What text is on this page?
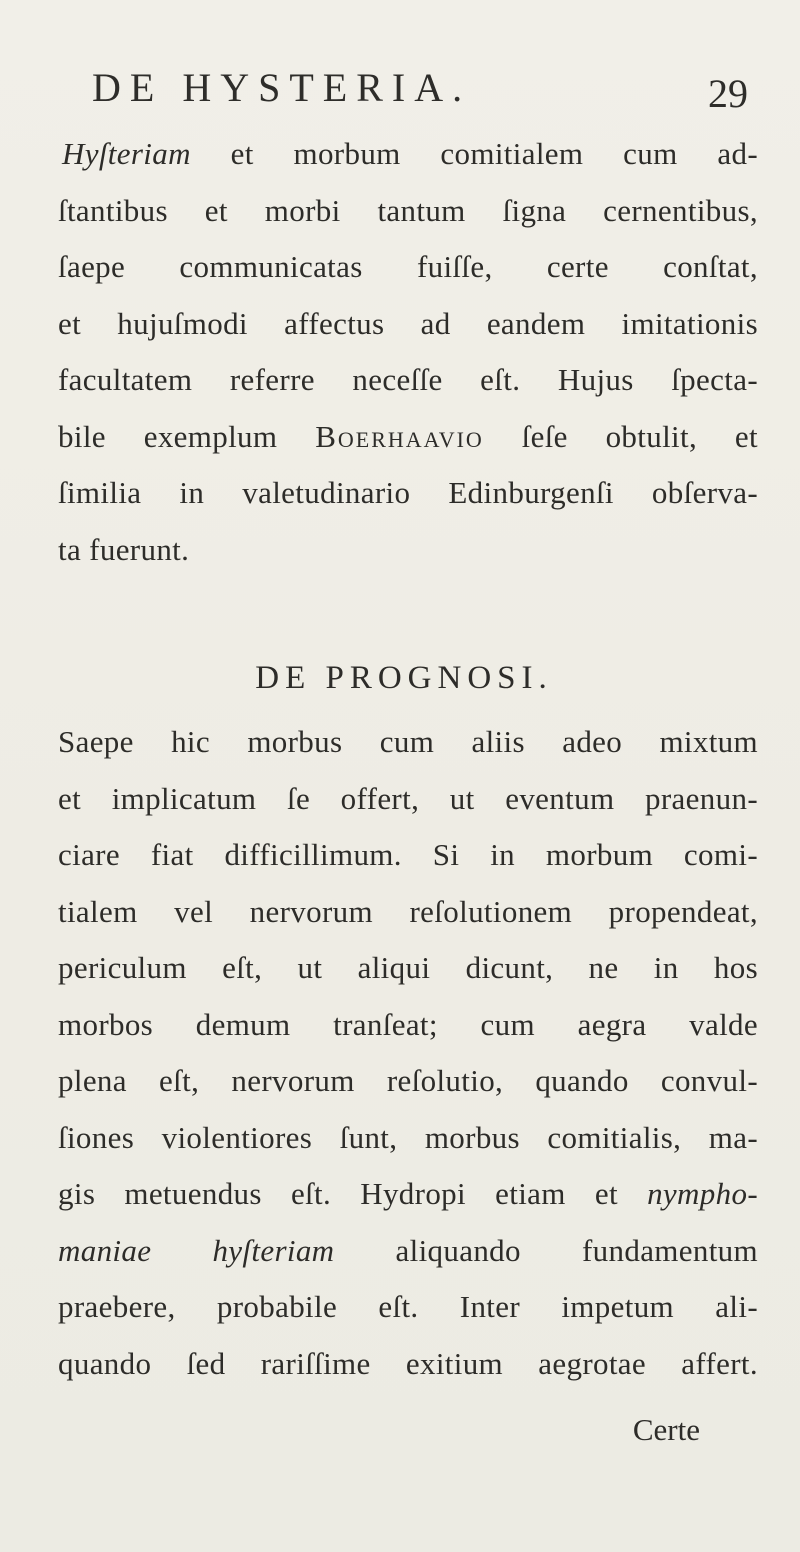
DE HYSTERIA.	29
Hyſteriam et morbum comitialem cum ad-
ſtantibus et morbi tantum ſigna cernentibus,
ſaepe communicatas fuiſſe, certe conſtat,
et hujuſmodi affectus ad eandem imitationis
facultatem referre neceſſe eſt. Hujus ſpecta-
bile exemplum Boerhaavio ſeſe obtulit, et
ſimilia in valetudinario Edinburgenſi obſerva-
ta fuerunt.
DE PROGNOSI.
Saepe hic morbus cum aliis adeo mixtum
et implicatum ſe offert, ut eventum praenun-
ciare fiat difficillimum. Si in morbum comi-
tialem vel nervorum reſolutionem propendeat,
periculum eſt, ut aliqui dicunt, ne in hos
morbos demum tranſeat; cum aegra valde
plena eſt, nervorum reſolutio, quando convul-
ſiones violentiores ſunt, morbus comitialis, ma-
gis metuendus eſt. Hydropi etiam et nympho-
maniae hyſteriam aliquando fundamentum
praebere, probabile eſt. Inter impetum ali-
quando ſed rariſſime exitium aegrotae affert.
Certe
